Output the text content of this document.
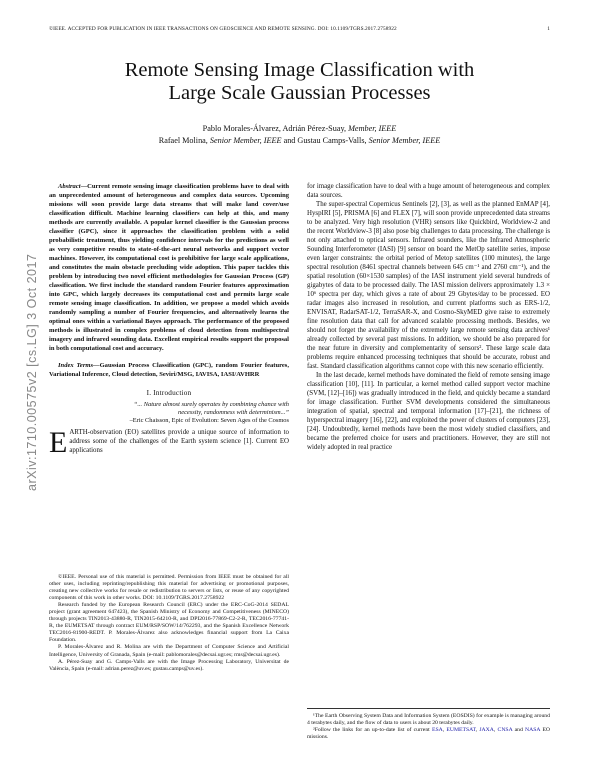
©IEEE. ACCEPTED FOR PUBLICATION IN IEEE TRANSACTIONS ON GEOSCIENCE AND REMOTE SENSING. DOI: 10.1109/TGRS.2017.2758922	1
arXiv:1710.00575v2 [cs.LG] 3 Oct 2017
Remote Sensing Image Classification with
Large Scale Gaussian Processes
Pablo Morales-Álvarez, Adrián Pérez-Suay, Member, IEEE
Rafael Molina, Senior Member, IEEE and Gustau Camps-Valls, Senior Member, IEEE

Abstract—Current remote sensing image classification problems have to deal with an unprecedented amount of heterogeneous and complex data sources. Upcoming missions will soon provide large data streams that will make land cover/use classification difficult. Machine learning classifiers can help at this, and many methods are currently available. A popular kernel classifier is the Gaussian process classifier (GPC), since it approaches the classification problem with a solid probabilistic treatment, thus yielding confidence intervals for the predictions as well as very competitive results to state-of-the-art neural networks and support vector machines. However, its computational cost is prohibitive for large scale applications, and constitutes the main obstacle precluding wide adoption. This paper tackles this problem by introducing two novel efficient methodologies for Gaussian Process (GP) classification. We first include the standard random Fourier features approximation into GPC, which largely decreases its computational cost and permits large scale remote sensing image classification. In addition, we propose a model which avoids randomly sampling a number of Fourier frequencies, and alternatively learns the optimal ones within a variational Bayes approach. The performance of the proposed methods is illustrated in complex problems of cloud detection from multispectral imagery and infrared sounding data. Excellent empirical results support the proposal in both computational cost and accuracy.

Index Terms—Gaussian Process Classification (GPC), random Fourier features, Variational Inference, Cloud detection, Seviri/MSG, IAVISA, IASI/AVHRR

I. Introduction

“... Nature almost surely operates by combining chance with

necessity, randomness with determinism...”

–Eric Chaisson, Epic of Evolution: Seven Ages of the Cosmos

EARTH-observation (EO) satellites provide a unique source of information to address some of the challenges of the Earth system science [1]. Current EO applications

©IEEE. Personal use of this material is permitted. Permission from IEEE must be obtained for all other uses, including reprinting/republishing this material for advertising or promotional purposes, creating new collective works for resale or redistribution to servers or lists, or reuse of any copyrighted components of this work in other works. DOI: 10.1109/TGRS.2017.2758922

Research funded by the European Research Council (ERC) under the ERC-CoG-2014 SEDAL project (grant agreement 647423), the Spanish Ministry of Economy and Competitiveness (MINECO) through projects TIN2013-43880-R, TIN2015-64210-R, and DPI2016-77869-C2-2-R, TEC2016-77741-R, the EUMETSAT through contract EUM/RSP/SOW/14/762293, and the Spanish Excellence Network TEC2016-81900-REDT. P. Morales-Álvarez also acknowledges financial support from La Caixa Foundation.

P. Morales-Álvarez and R. Molina are with the Department of Computer Science and Artificial Intelligence, University of Granada, Spain (e-mail: pablomorales@decsai.ugr.es; rms@decsai.ugr.es).

A. Pérez-Suay and G. Camps-Valls are with the Image Processing Laboratory, Universitat de València, Spain (e-mail: adrian.perez@uv.es; gustau.camps@uv.es).

for image classification have to deal with a huge amount of heterogeneous and complex data sources.

The super-spectral Copernicus Sentinels [2], [3], as well as the planned EnMAP [4], HyspIRI [5], PRISMA [6] and FLEX [7], will soon provide unprecedented data streams to be analyzed. Very high resolution (VHR) sensors like Quickbird, Worldview-2 and the recent Worldview-3 [8] also pose big challenges to data processing. The challenge is not only attached to optical sensors. Infrared sounders, like the Infrared Atmospheric Sounding Interferometer (IASI) [9] sensor on board the MetOp satellite series, impose even larger constraints: the orbital period of Metop satellites (100 minutes), the large spectral resolution (8461 spectral channels between 645 cm⁻¹ and 2760 cm⁻¹), and the spatial resolution (60×1530 samples) of the IASI instrument yield several hundreds of gigabytes of data to be processed daily. The IASI mission delivers approximately 1.3 × 10⁶ spectra per day, which gives a rate of about 29 Gbytes/day to be processed. EO radar images also increased in resolution, and current platforms such as ERS-1/2, ENVISAT, RadarSAT-1/2, TerraSAR-X, and Cosmo-SkyMED give raise to extremely fine resolution data that call for advanced scalable processing methods. Besides, we should not forget the availability of the extremely large remote sensing data archives¹ already collected by several past missions. In addition, we should be also prepared for the near future in diversity and complementarity of sensors². These large scale data problems require enhanced processing techniques that should be accurate, robust and fast. Standard classification algorithms cannot cope with this new scenario efficiently.

In the last decade, kernel methods have dominated the field of remote sensing image classification [10], [11]. In particular, a kernel method called support vector machine (SVM, [12]–[16]) was gradually introduced in the field, and quickly became a standard for image classification. Further SVM developments considered the simultaneous integration of spatial, spectral and temporal information [17]–[21], the richness of hyperspectral imagery [16], [22], and exploited the power of clusters of computers [23], [24]. Undoubtedly, kernel methods have been the most widely studied classifiers, and became the preferred choice for users and practitioners. However, they are still not widely adopted in real practice

¹The Earth Observing System Data and Information System (EOSDIS) for example is managing around 4 terabytes daily, and the flow of data to users is about 20 terabytes daily.

²Follow the links for an up-to-date list of current ESA, EUMETSAT, JAXA, CNSA and NASA EO missions.
